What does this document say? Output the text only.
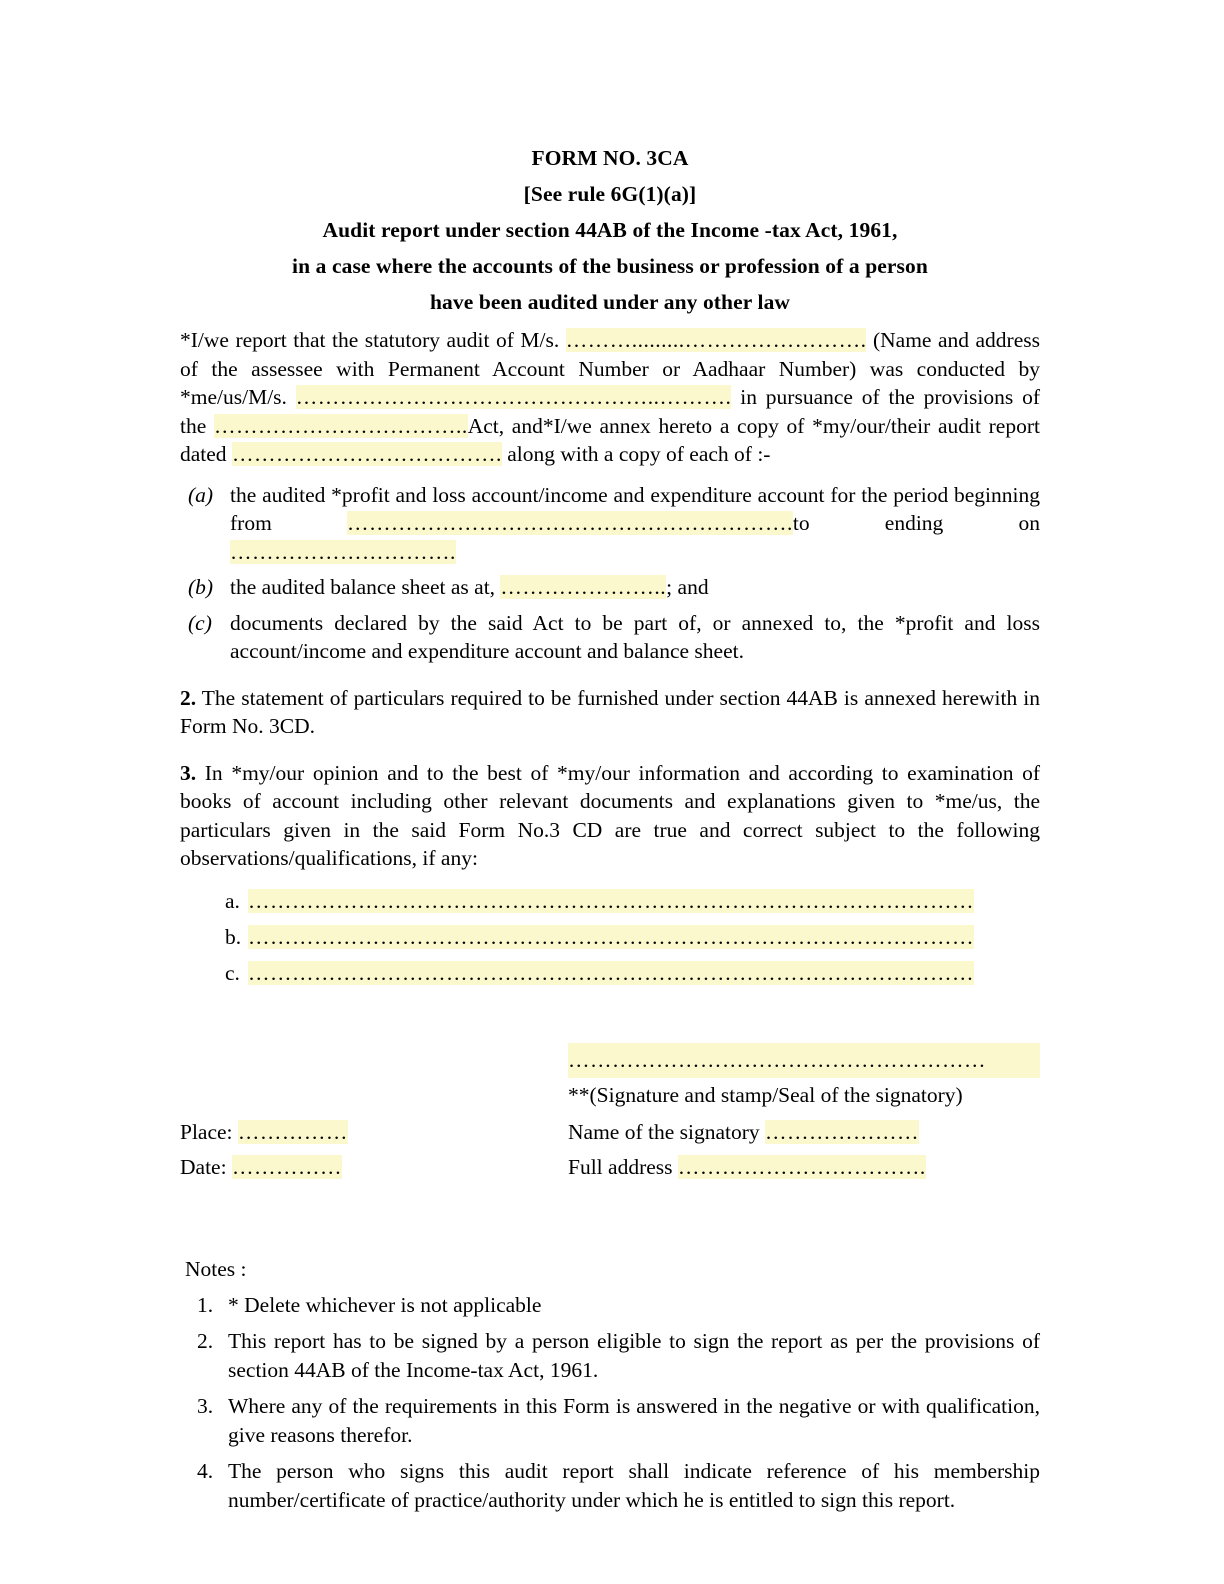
FORM NO. 3CA
[See rule 6G(1)(a)]
Audit report under section 44AB of the Income -tax Act, 1961,
in a case where the accounts of the business or profession of a person
have been audited under any other law

*I/we report that the statutory audit of M/s. ……….........……………………. (Name and address of the assessee with Permanent Account Number or Aadhaar Number) was conducted by *me/us/M/s. …………………………………………..………. in pursuance of the provisions of the ……………………………..Act, and*I/we annex hereto a copy of *my/our/their audit report dated ………………………………. along with a copy of each of :-

(a) the audited *profit and loss account/income and expenditure account for the period beginning from …………………………………………………….to ending on ………………………….
(b) the audited balance sheet as at, …………………..; and
(c) documents declared by the said Act to be part of, or annexed to, the *profit and loss account/income and expenditure account and balance sheet.

2. The statement of particulars required to be furnished under section 44AB is annexed herewith in Form No. 3CD.

3. In *my/our opinion and to the best of *my/our information and according to examination of books of account including other relevant documents and explanations given to *me/us, the particulars given in the said Form No.3 CD are true and correct subject to the following observations/qualifications, if any:

a. ………………………………………………………………………………………
b. ………………………………………………………………………………………
c. ………………………………………………………………………………………
…………………………………………………
**(Signature and stamp/Seal of the signatory)
Place: ……………	Name of the signatory …………………
Date: ……………	Full address …………………………….
Notes :
1. * Delete whichever is not applicable
2. This report has to be signed by a person eligible to sign the report as per the provisions of section 44AB of the Income-tax Act, 1961.
3. Where any of the requirements in this Form is answered in the negative or with qualification, give reasons therefor.
4. The person who signs this audit report shall indicate reference of his membership number/certificate of practice/authority under which he is entitled to sign this report.
